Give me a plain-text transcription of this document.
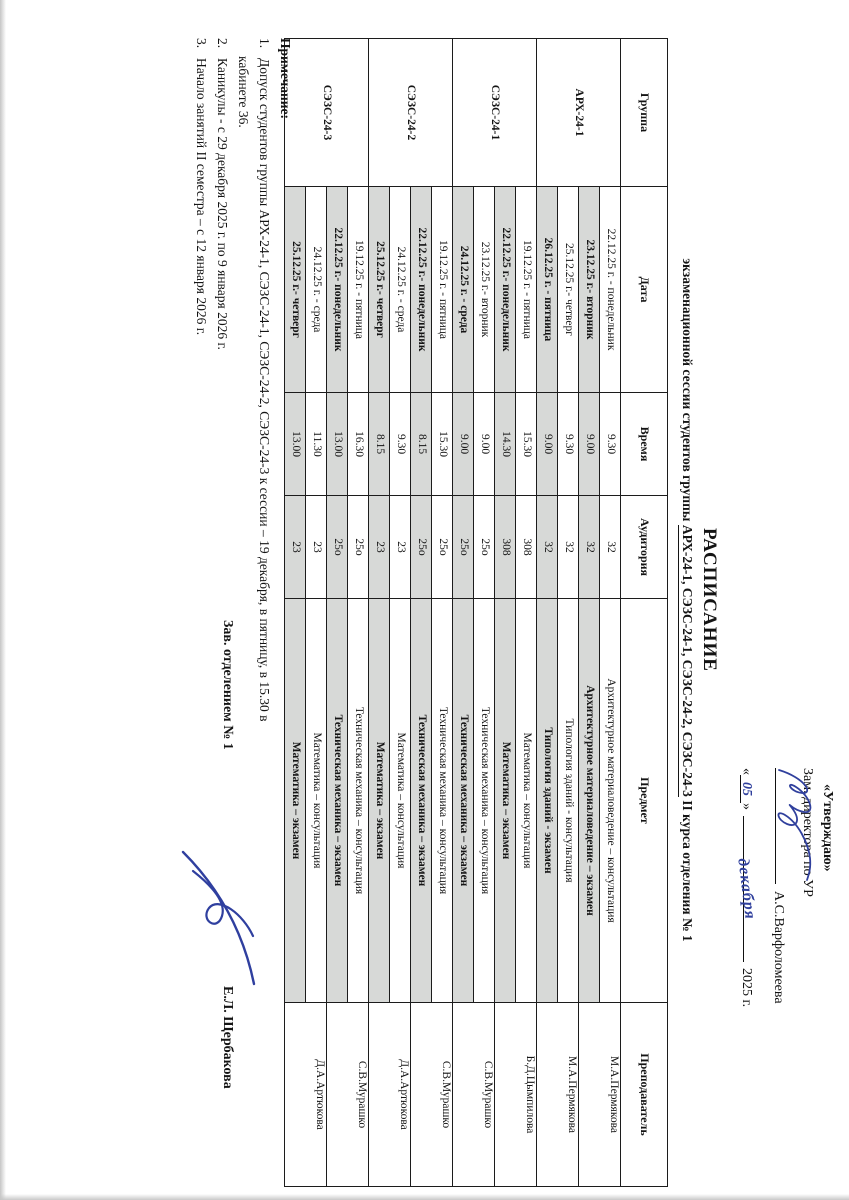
«Утверждаю»
Зам. директора по УР
А.С.Варфоломеева
«05»декабря2025 г.
РАСПИСАНИЕ
экзаменационной сессии студентов группы АРХ-24-1, СЭЗС-24-1, СЭЗС-24-2, СЭЗС-24-3 II курса отделения № 1
Группа	Дата	Время	Аудитория	Предмет	Преподаватель
АРХ-24-1	22.12.25 г. - понедельник	9.30	32	Архитектурное материаловедение – консультация	М.А.Пермякова
	23.12.25 г.- вторник	9.00	32	Архитектурное материаловедение – экзамен	
	25.12.25 г.- четверг	9.30	32	Типология зданий - консультация	М.А.Пермякова
	26.12.25 г. - пятница	9.00	32	Типология зданий - экзамен	
СЭЗС-24-1	19.12.25 г. - пятница	15.30	308	Математика – консультация	Б.Д.Цымпилова
	22.12.25 г.- понедельник	14.30	308	Математика – экзамен	
	23.12.25 г.- вторник	9.00	25о	Техническая механика – консультация	С.В.Мурашко
	24.12.25 г. - среда	9.00	25о	Техническая механика – экзамен	
СЭЗС-24-2	19.12.25 г. - пятница	15.30	25о	Техническая механика – консультация	С.В.Мурашко
	22.12.25 г.- понедельник	8.15	25о	Техническая механика – экзамен	
	24.12.25 г. - среда	9.30	23	Математика – консультация	Д.А.Артюкова
	25.12.25 г.- четверг	8.15	23	Математика – экзамен	
СЭЗС-24-3	19.12.25 г. - пятница	16.30	25о	Техническая механика – консультация	С.В.Мурашко
	22.12.25 г.- понедельник	13.00	25о	Техническая механика – экзамен	
	24.12.25 г. - среда	11.30	23	Математика – консультация	Д.А.Артюкова
	25.12.25 г.- четверг	13.00	23	Математика – экзамен	
Примечание:
1.Допуск студентов группы АРХ-24-1, СЭЗС-24-1, СЭЗС-24-2, СЭЗС-24-3 к сессии – 19 декабря, в пятницу, в 15.30 в кабинете 36.
2.Каникулы - с 29 декабря 2025 г. по 9 января 2026 г.
3.Начало занятий II семестра – с 12 января 2026 г.
Зав. отделением № 1
Е.Л. Щербакова
